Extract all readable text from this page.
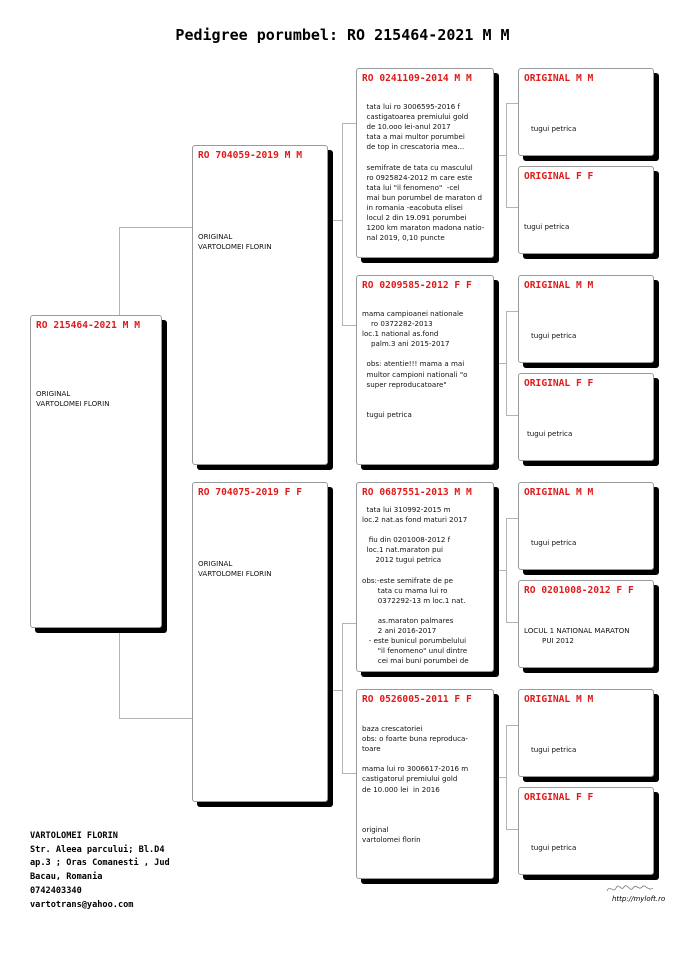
Pedigree porumbel: RO 215464-2021 M M
RO 215464-2021 M M
ORIGINAL
VARTOLOMEI FLORIN
RO 704059-2019 M M
ORIGINAL
VARTOLOMEI FLORIN
RO 704075-2019 F F
ORIGINAL
VARTOLOMEI FLORIN
RO 0241109-2014 M M
tata lui ro 3006595-2016 f
castigatoarea premiului gold
de 10.ooo lei-anul 2017
tata a mai multor porumbei
de top in crescatoria mea...

semifrate de tata cu masculul
ro 0925824-2012 m care este
tata lui "il fenomeno"  -cel
mai bun porumbel de maraton d
in romania -eacobuta elisei
locul 2 din 19.091 porumbei
1200 km maraton madona natio-
nal 2019, 0,10 puncte
RO 0209585-2012 F F
mama campioanei nationale
ro 0372282-2013
loc.1 national as.fond
palm.3 ani 2015-2017

obs: atentie!!! mama a mai
multor campioni nationali "o
super reproducatoare"

tugui petrica
RO 0687551-2013 M M
tata lui 310992-2015 m
loc.2 nat.as fond maturi 2017

fiu din 0201008-2012 f
loc.1 nat.maraton pui
2012 tugui petrica

obs:-este semifrate de pe
tata cu mama lui ro
0372292-13 m loc.1 nat.

as.maraton palmares
2 ani 2016-2017
- este bunicul porumbelului
"il fenomeno" unul dintre
cei mai buni porumbei de
RO 0526005-2011 F F
baza crescatoriei
obs: o foarte buna reproduca-
toare

mama lui ro 3006617-2016 m
castigatorul premiului gold
de 10.000 lei  in 2016

original
vartolomei florin
ORIGINAL M M
tugui petrica
ORIGINAL F F
tugui petrica
ORIGINAL M M
tugui petrica
ORIGINAL F F
tugui petrica
ORIGINAL M M
tugui petrica
RO 0201008-2012 F F
LOCUL 1 NATIONAL MARATON
PUI 2012
ORIGINAL M M
tugui petrica
ORIGINAL F F
tugui petrica
VARTOLOMEI FLORIN
Str. Aleea parcului; Bl.D4
ap.3 ; Oras Comanesti , Jud
Bacau, Romania
0742403340
vartotrans@yahoo.com
http://myloft.ro
